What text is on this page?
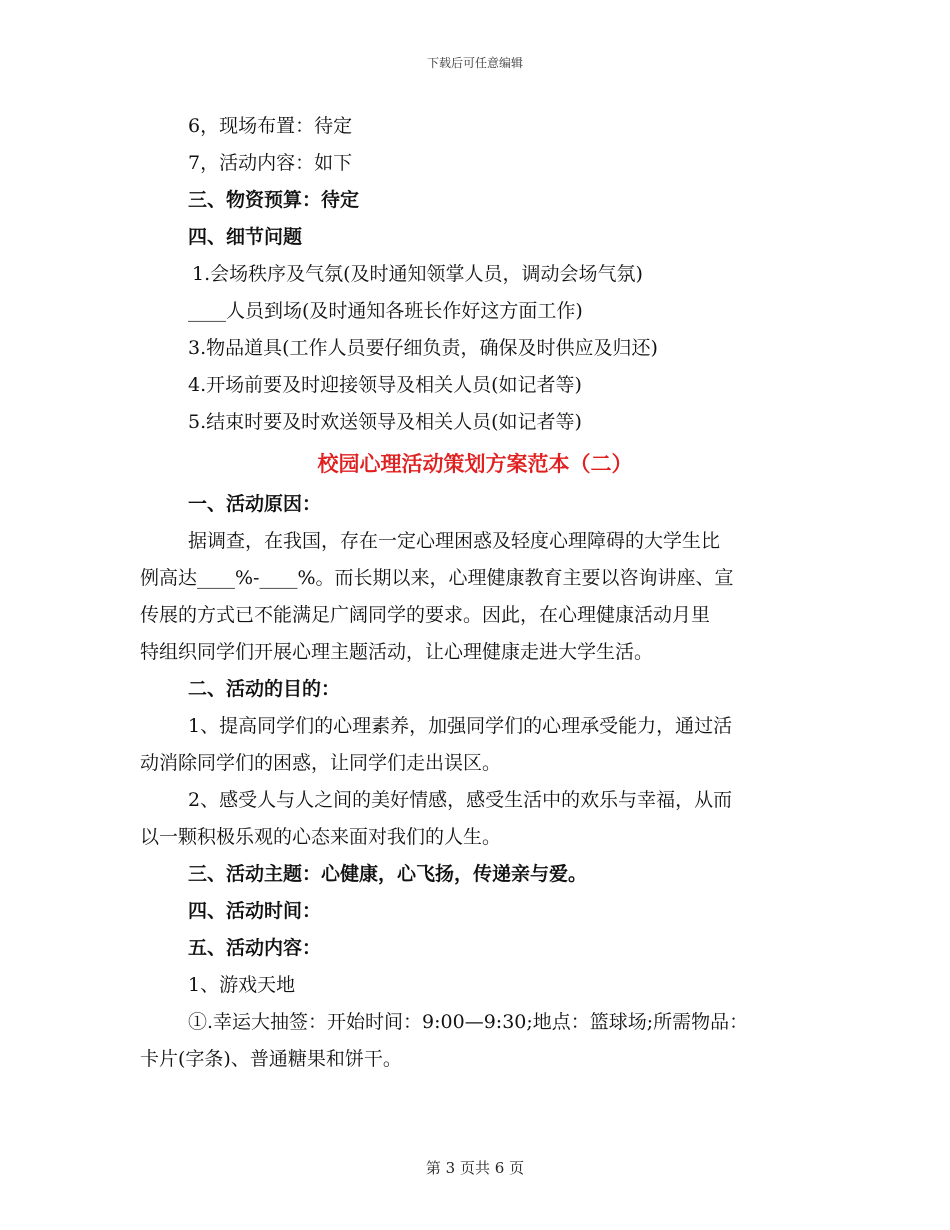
下载后可任意编辑
6，现场布置：待定
7，活动内容：如下
三、物资预算：待定
四、细节问题
1.会场秩序及气氛(及时通知领掌人员，调动会场气氛)
____人员到场(及时通知各班长作好这方面工作)
3.物品道具(工作人员要仔细负责，确保及时供应及归还)
4.开场前要及时迎接领导及相关人员(如记者等)
5.结束时要及时欢送领导及相关人员(如记者等)
校园心理活动策划方案范本（二）
一、活动原因：
据调查，在我国，存在一定心理困惑及轻度心理障碍的大学生比
例高达____%-____%。而长期以来，心理健康教育主要以咨询讲座、宣
传展的方式已不能满足广阔同学的要求。因此，在心理健康活动月里
特组织同学们开展心理主题活动，让心理健康走进大学生活。
二、活动的目的：
1、提高同学们的心理素养，加强同学们的心理承受能力，通过活
动消除同学们的困惑，让同学们走出误区。
2、感受人与人之间的美好情感，感受生活中的欢乐与幸福，从而
以一颗积极乐观的心态来面对我们的人生。
三、活动主题：心健康，心飞扬，传递亲与爱。
四、活动时间：
五、活动内容：
1、游戏天地
①.幸运大抽签：开始时间：9:00—9:30;地点：篮球场;所需物品：
卡片(字条)、普通糖果和饼干。
第 3 页共 6 页
